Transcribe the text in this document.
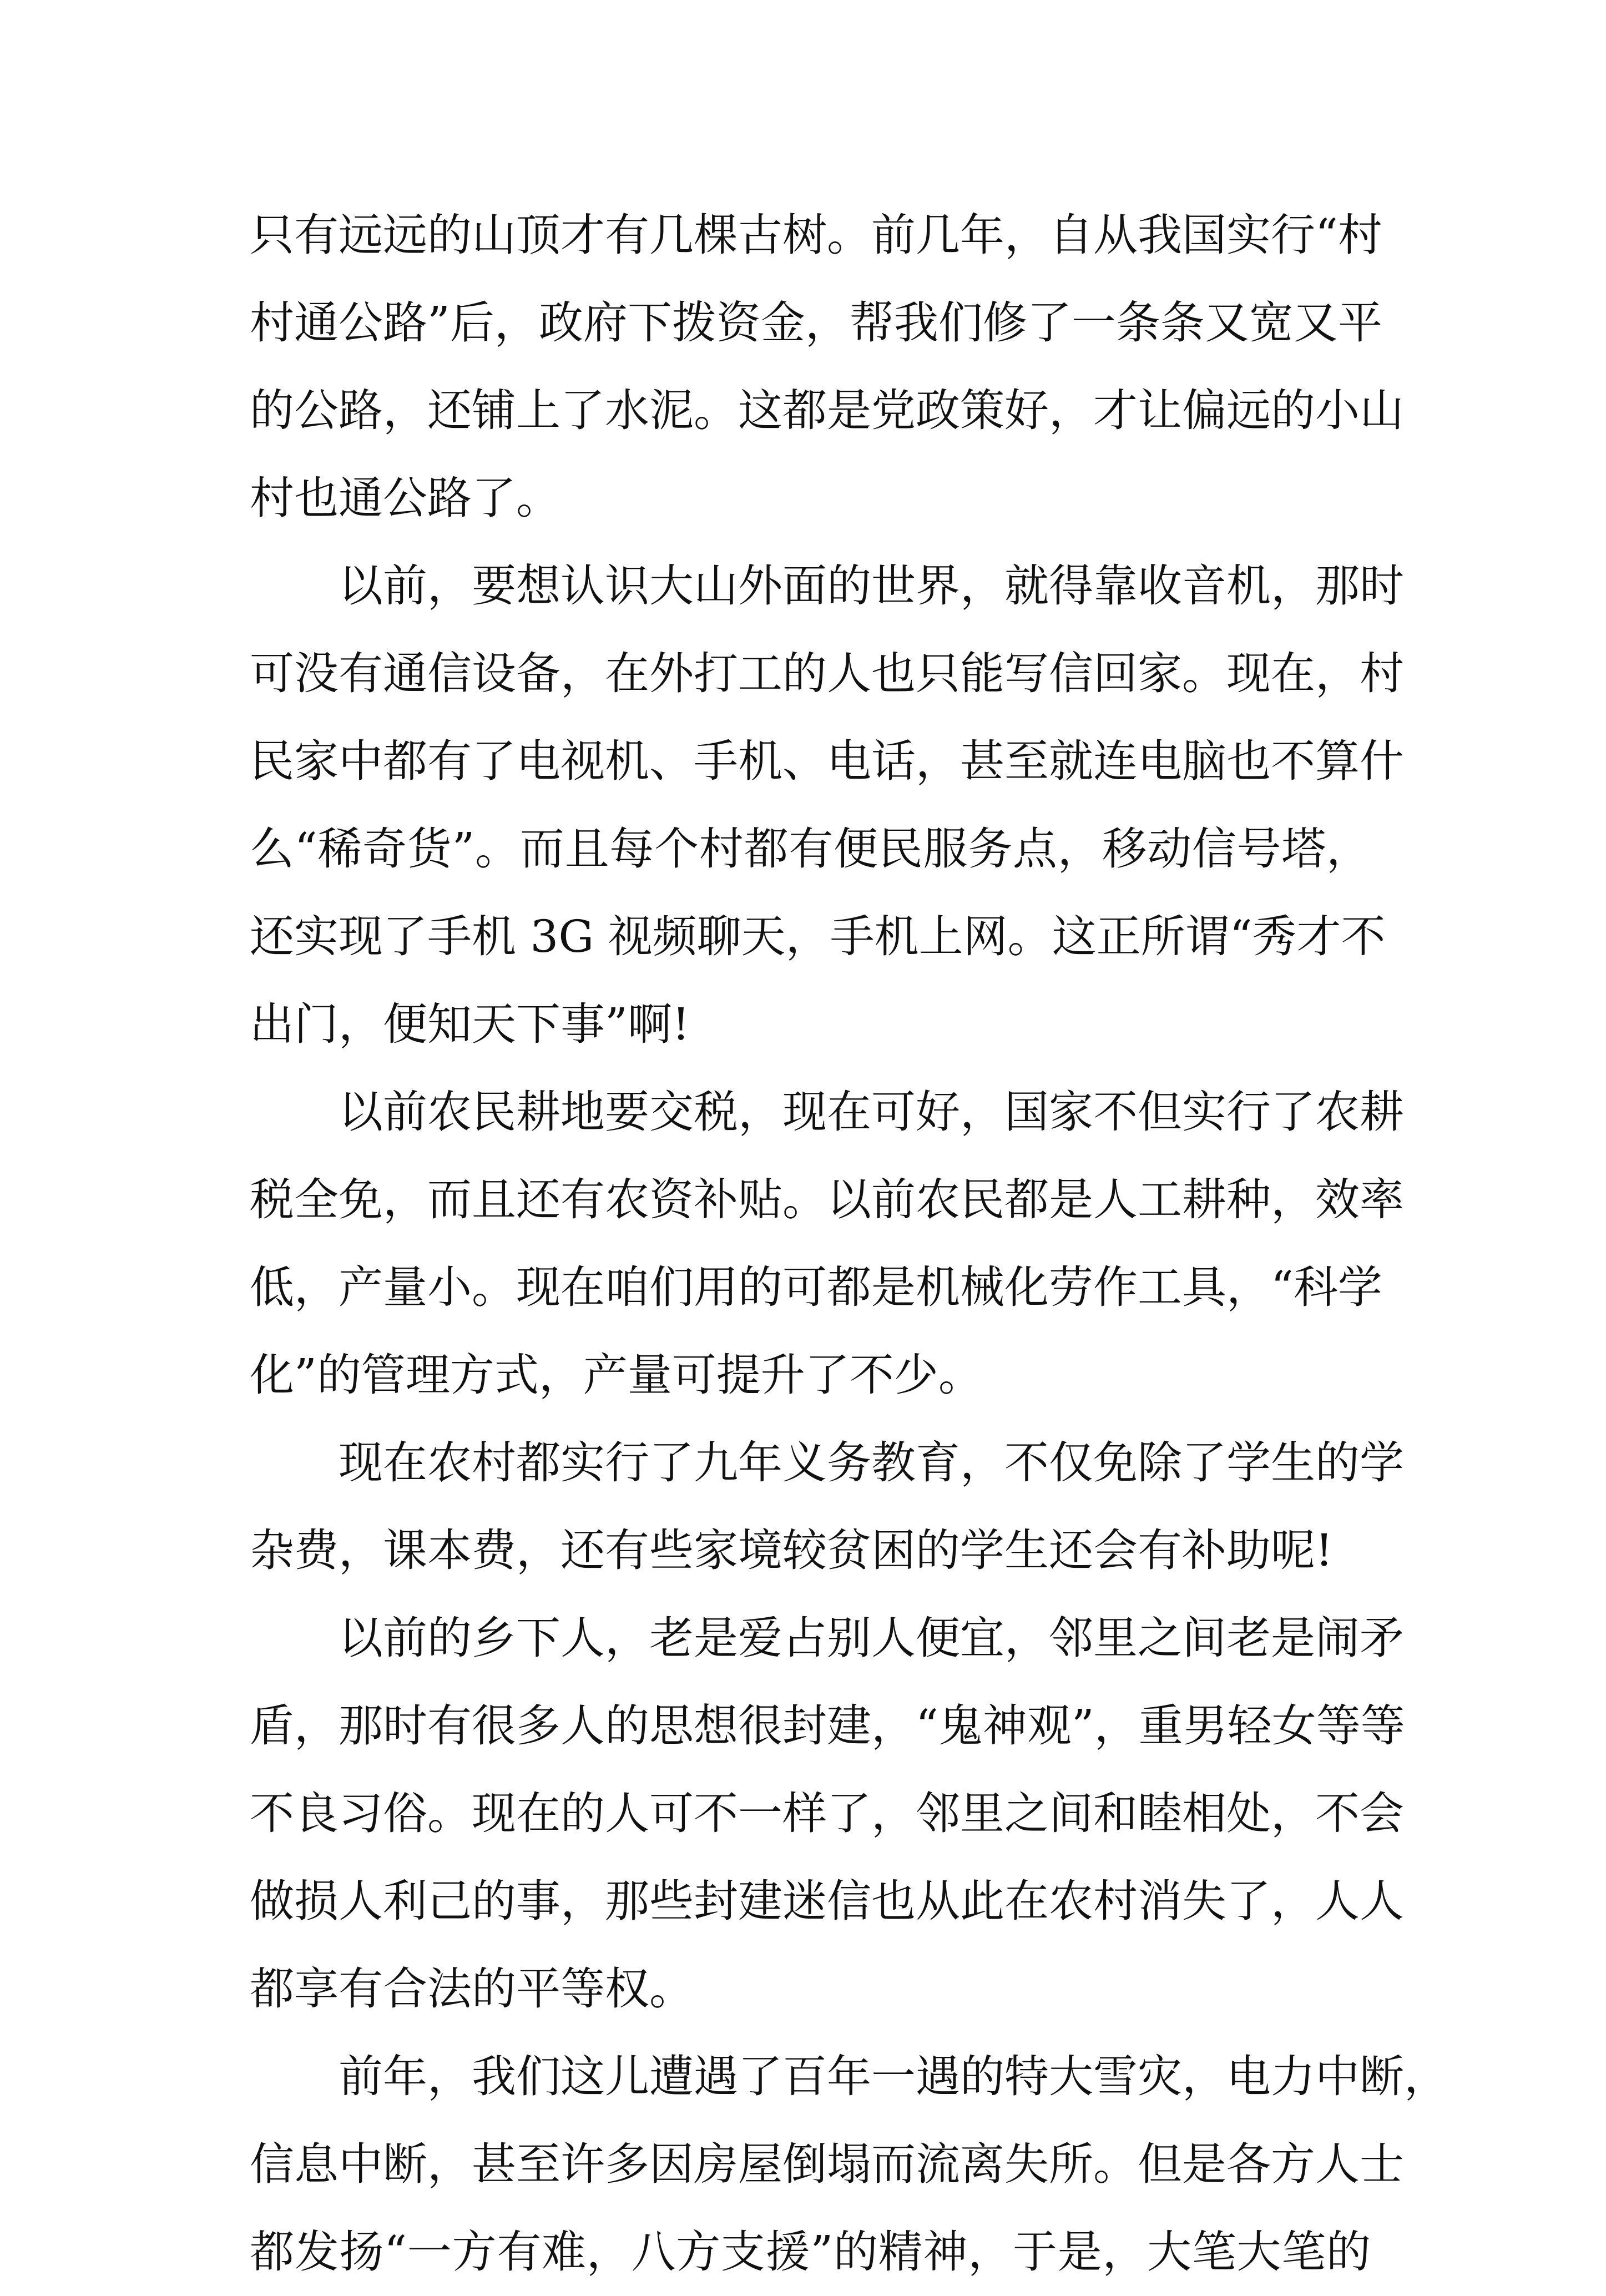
只有远远的山顶才有几棵古树。前几年，自从我国实行“村
村通公路”后，政府下拨资金，帮我们修了一条条又宽又平
的公路，还铺上了水泥。这都是党政策好，才让偏远的小山
村也通公路了。
　　以前，要想认识大山外面的世界，就得靠收音机，那时
可没有通信设备，在外打工的人也只能写信回家。现在，村
民家中都有了电视机、手机、电话，甚至就连电脑也不算什
么“稀奇货”。而且每个村都有便民服务点，移动信号塔，
还实现了手机 3G 视频聊天，手机上网。这正所谓“秀才不
出门，便知天下事”啊!
　　以前农民耕地要交税，现在可好，国家不但实行了农耕
税全免，而且还有农资补贴。以前农民都是人工耕种，效率
低，产量小。现在咱们用的可都是机械化劳作工具，“科学
化”的管理方式，产量可提升了不少。
　　现在农村都实行了九年义务教育，不仅免除了学生的学
杂费，课本费，还有些家境较贫困的学生还会有补助呢!
　　以前的乡下人，老是爱占别人便宜，邻里之间老是闹矛
盾，那时有很多人的思想很封建，“鬼神观”，重男轻女等等
不良习俗。现在的人可不一样了，邻里之间和睦相处，不会
做损人利己的事，那些封建迷信也从此在农村消失了，人人
都享有合法的平等权。
　　前年，我们这儿遭遇了百年一遇的特大雪灾，电力中断，
信息中断，甚至许多因房屋倒塌而流离失所。但是各方人士
都发扬“一方有难，八方支援”的精神，于是，大笔大笔的
